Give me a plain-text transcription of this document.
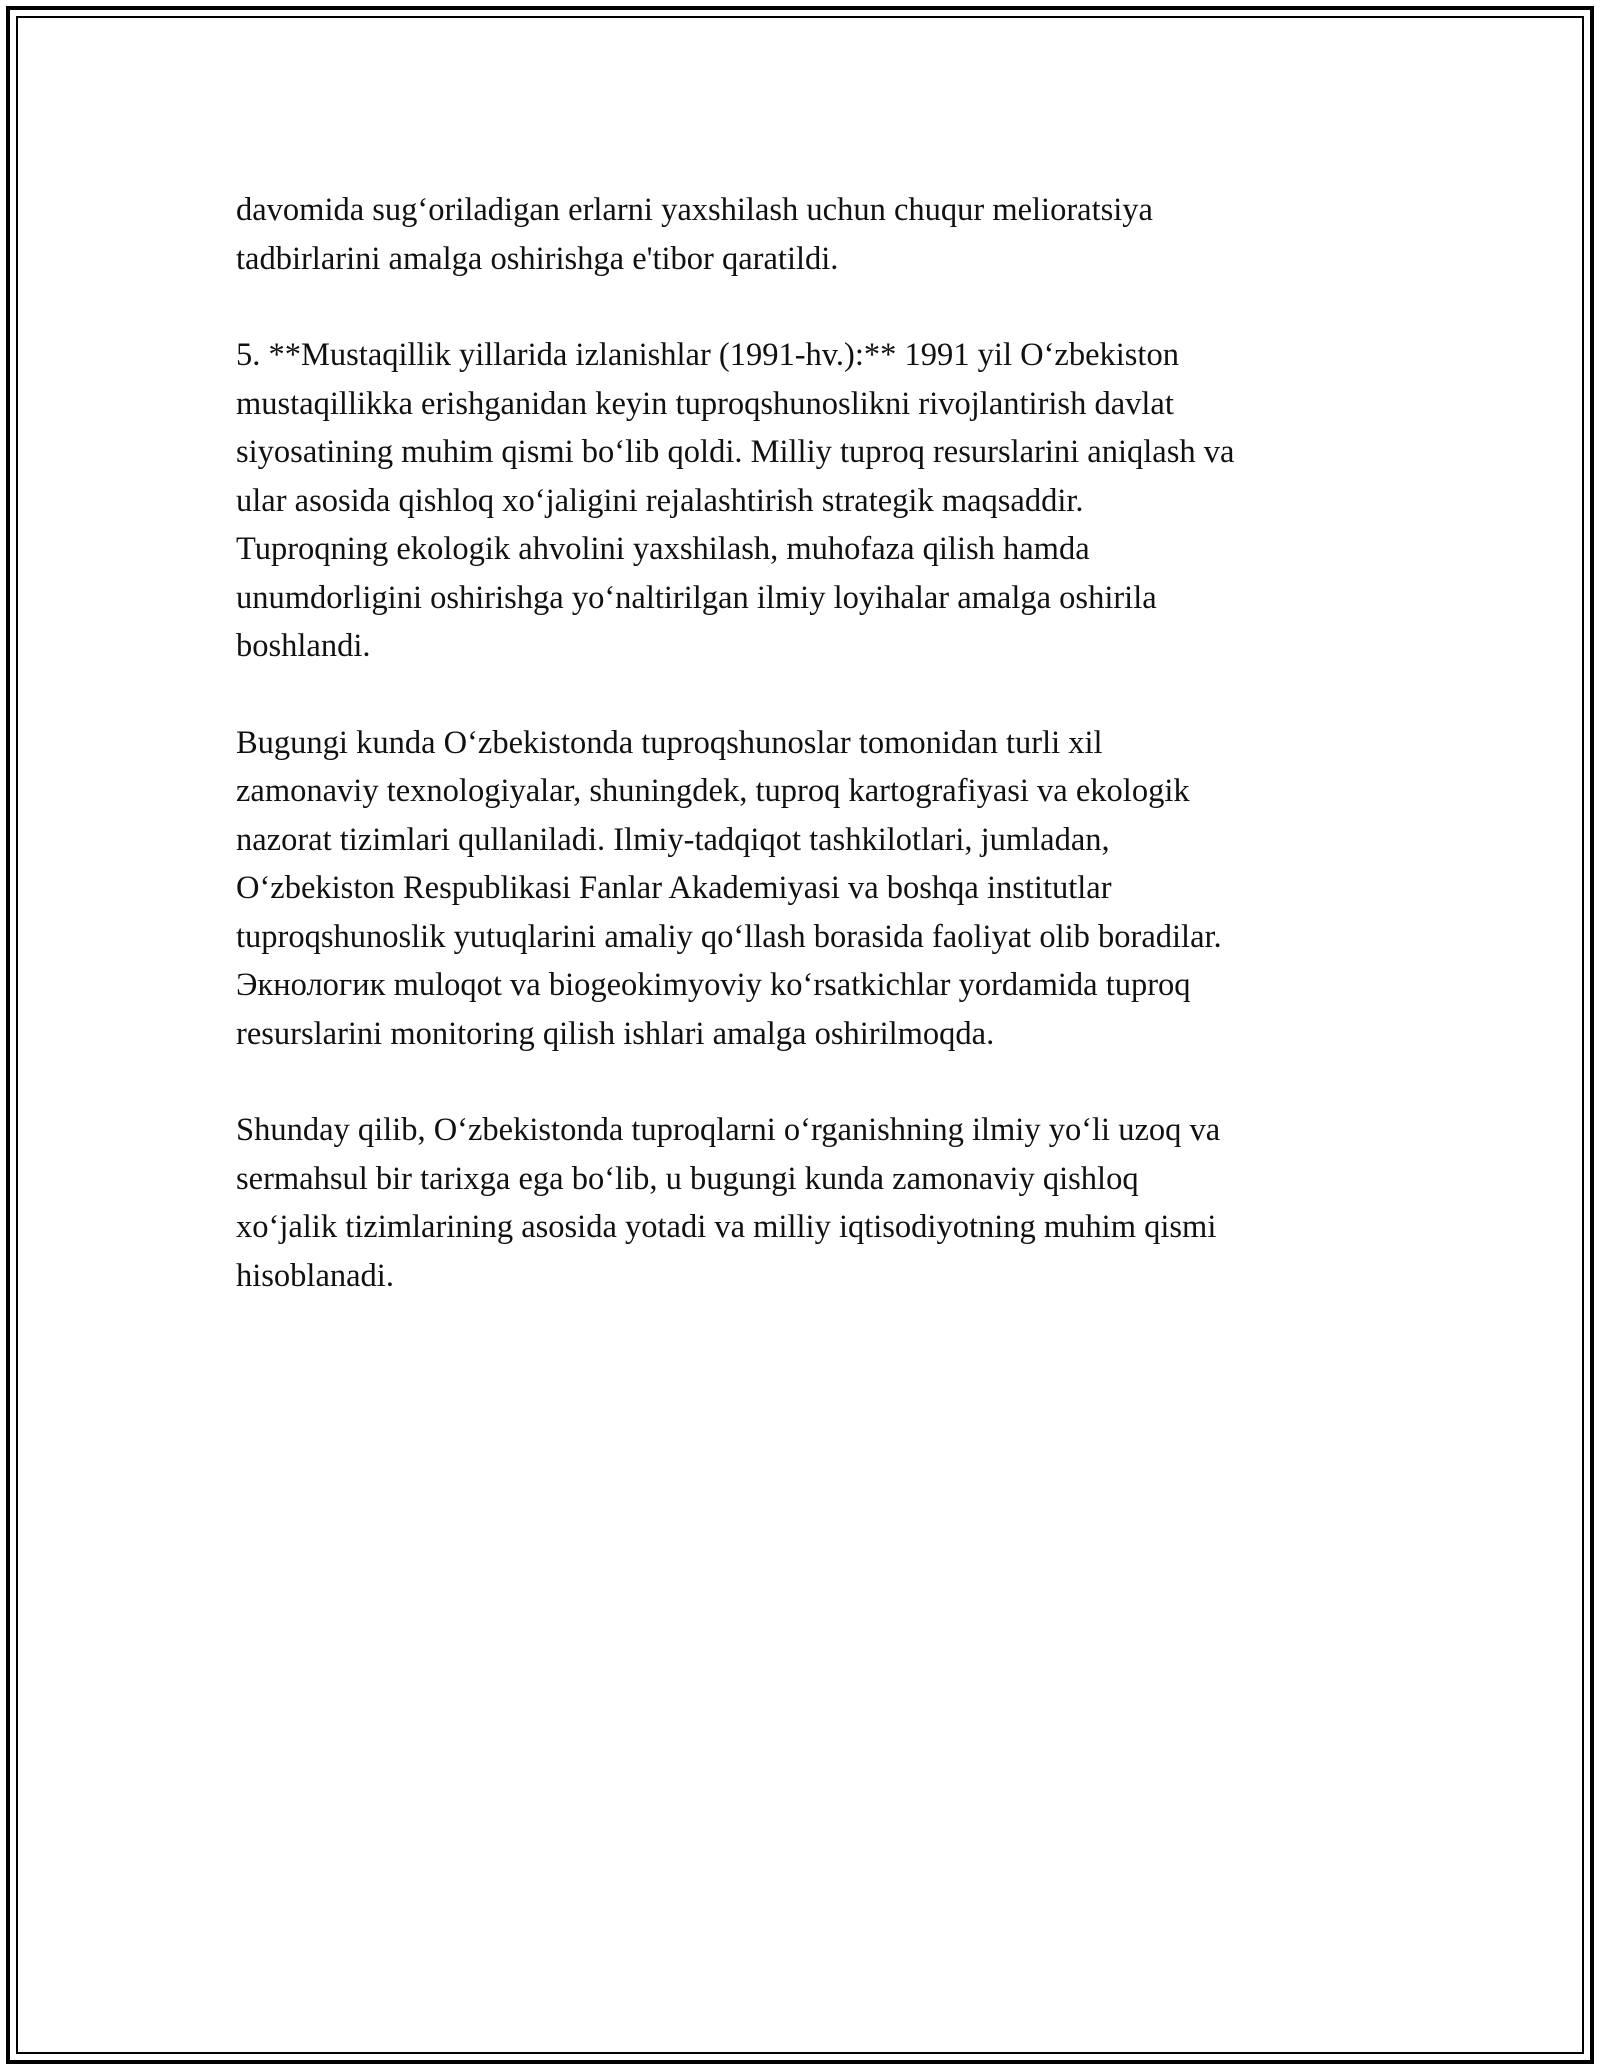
davomida sug‘oriladigan erlarni yaxshilash uchun chuqur melioratsiya
tadbirlarini amalga oshirishga e'tibor qaratildi.

5. **Mustaqillik yillarida izlanishlar (1991-hv.):** 1991 yil O‘zbekiston
mustaqillikka erishganidan keyin tuproqshunoslikni rivojlantirish davlat
siyosatining muhim qismi bo‘lib qoldi. Milliy tuproq resurslarini aniqlash va
ular asosida qishloq xo‘jaligini rejalashtirish strategik maqsaddir.
Tuproqning ekologik ahvolini yaxshilash, muhofaza qilish hamda
unumdorligini oshirishga yo‘naltirilgan ilmiy loyihalar amalga oshirila
boshlandi.

Bugungi kunda O‘zbekistonda tuproqshunoslar tomonidan turli xil
zamonaviy texnologiyalar, shuningdek, tuproq kartografiyasi va ekologik
nazorat tizimlari qullaniladi. Ilmiy-tadqiqot tashkilotlari, jumladan,
O‘zbekiston Respublikasi Fanlar Akademiyasi va boshqa institutlar
tuproqshunoslik yutuqlarini amaliy qo‘llash borasida faoliyat olib boradilar.
Экнологик muloqot va biogeokimyoviy ko‘rsatkichlar yordamida tuproq
resurslarini monitoring qilish ishlari amalga oshirilmoqda.

Shunday qilib, O‘zbekistonda tuproqlarni o‘rganishning ilmiy yo‘li uzoq va
sermahsul bir tarixga ega bo‘lib, u bugungi kunda zamonaviy qishloq
xo‘jalik tizimlarining asosida yotadi va milliy iqtisodiyotning muhim qismi
hisoblanadi.
